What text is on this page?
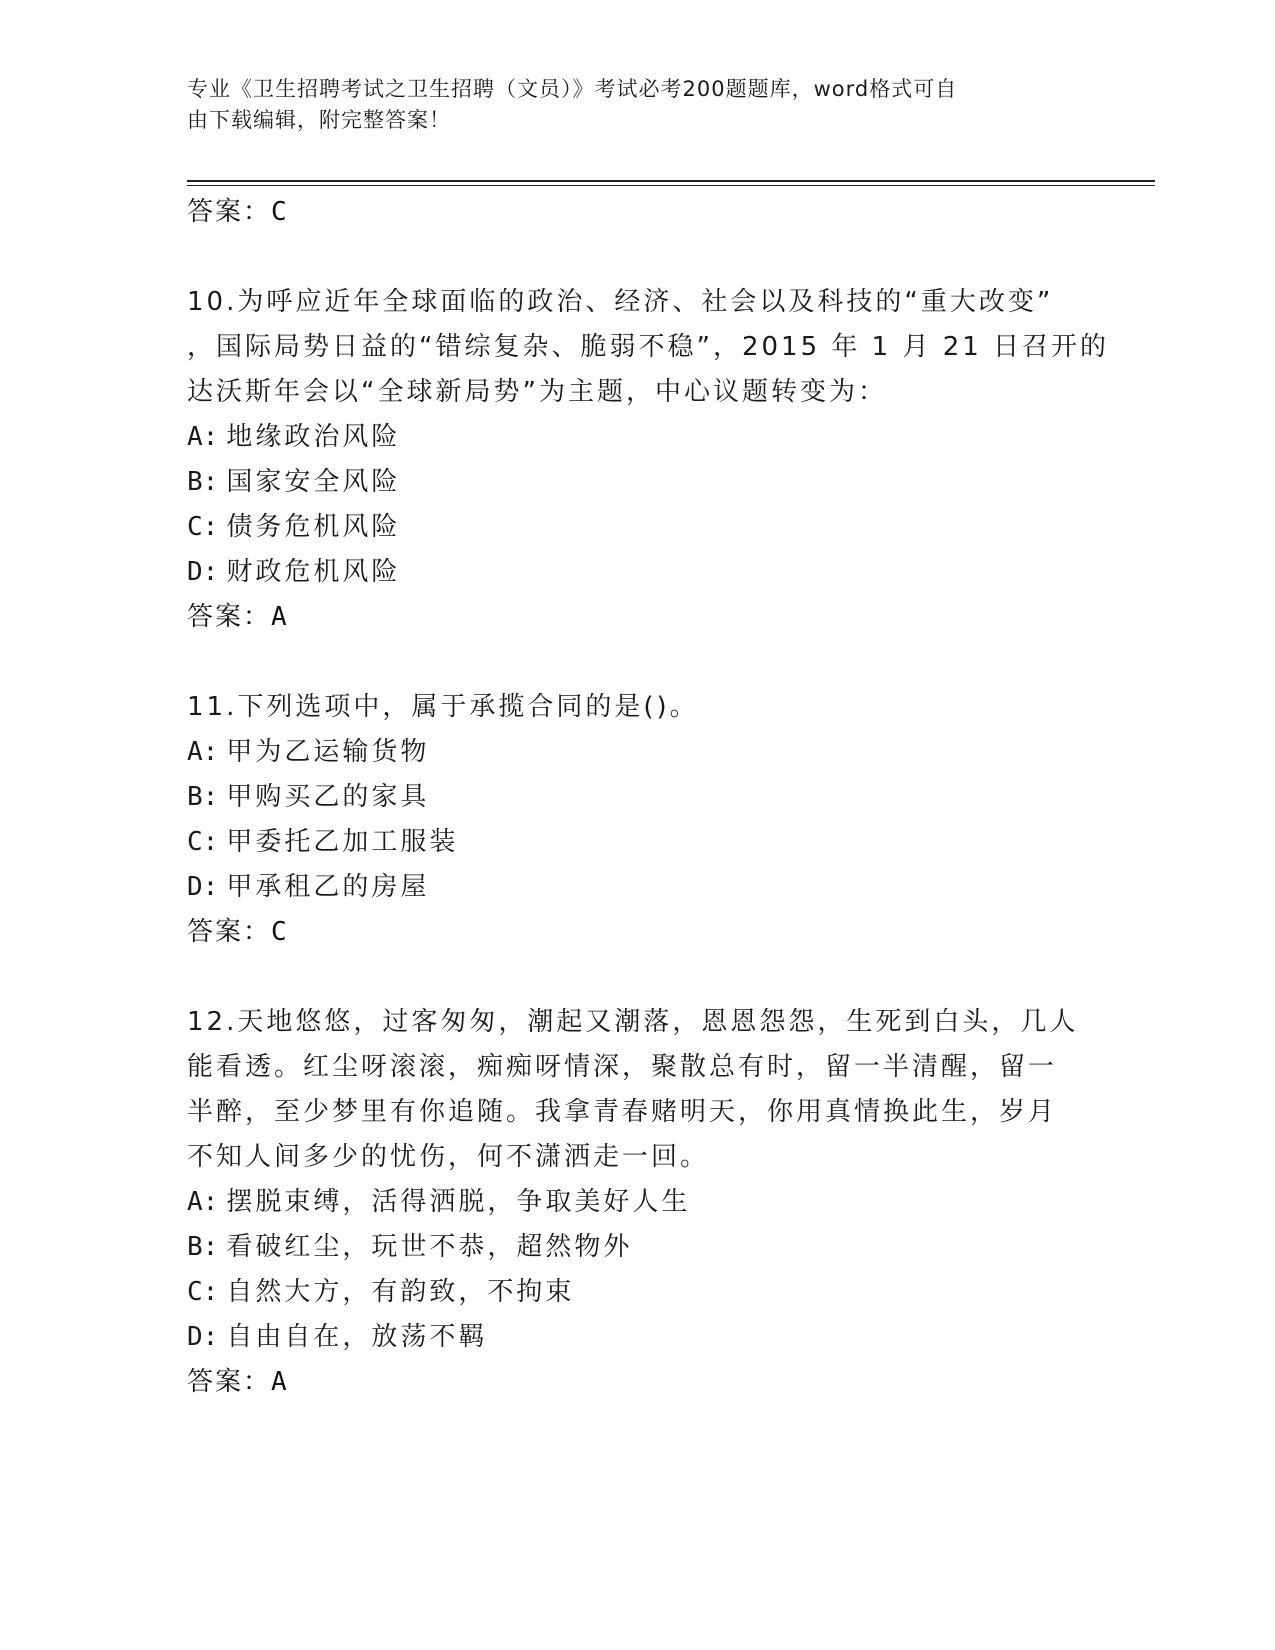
专业《卫生招聘考试之卫生招聘（文员）》考试必考200题题库，word格式可自
由下载编辑，附完整答案！
答案：C
10.为呼应近年全球面临的政治、经济、社会以及科技的“重大改变”
，国际局势日益的“错综复杂、脆弱不稳”，2015 年 1 月 21 日召开的
达沃斯年会以“全球新局势”为主题，中心议题转变为：
A: 地缘政治风险
B: 国家安全风险
C: 债务危机风险
D: 财政危机风险
答案：A
11.下列选项中，属于承揽合同的是()。
A: 甲为乙运输货物
B: 甲购买乙的家具
C: 甲委托乙加工服装
D: 甲承租乙的房屋
答案：C
12.天地悠悠，过客匆匆，潮起又潮落，恩恩怨怨，生死到白头，几人
能看透。红尘呀滚滚，痴痴呀情深，聚散总有时，留一半清醒，留一
半醉，至少梦里有你追随。我拿青春赌明天，你用真情换此生，岁月
不知人间多少的忧伤，何不潇洒走一回。
A: 摆脱束缚，活得洒脱，争取美好人生
B: 看破红尘，玩世不恭，超然物外
C: 自然大方，有韵致，不拘束
D: 自由自在，放荡不羁
答案：A
